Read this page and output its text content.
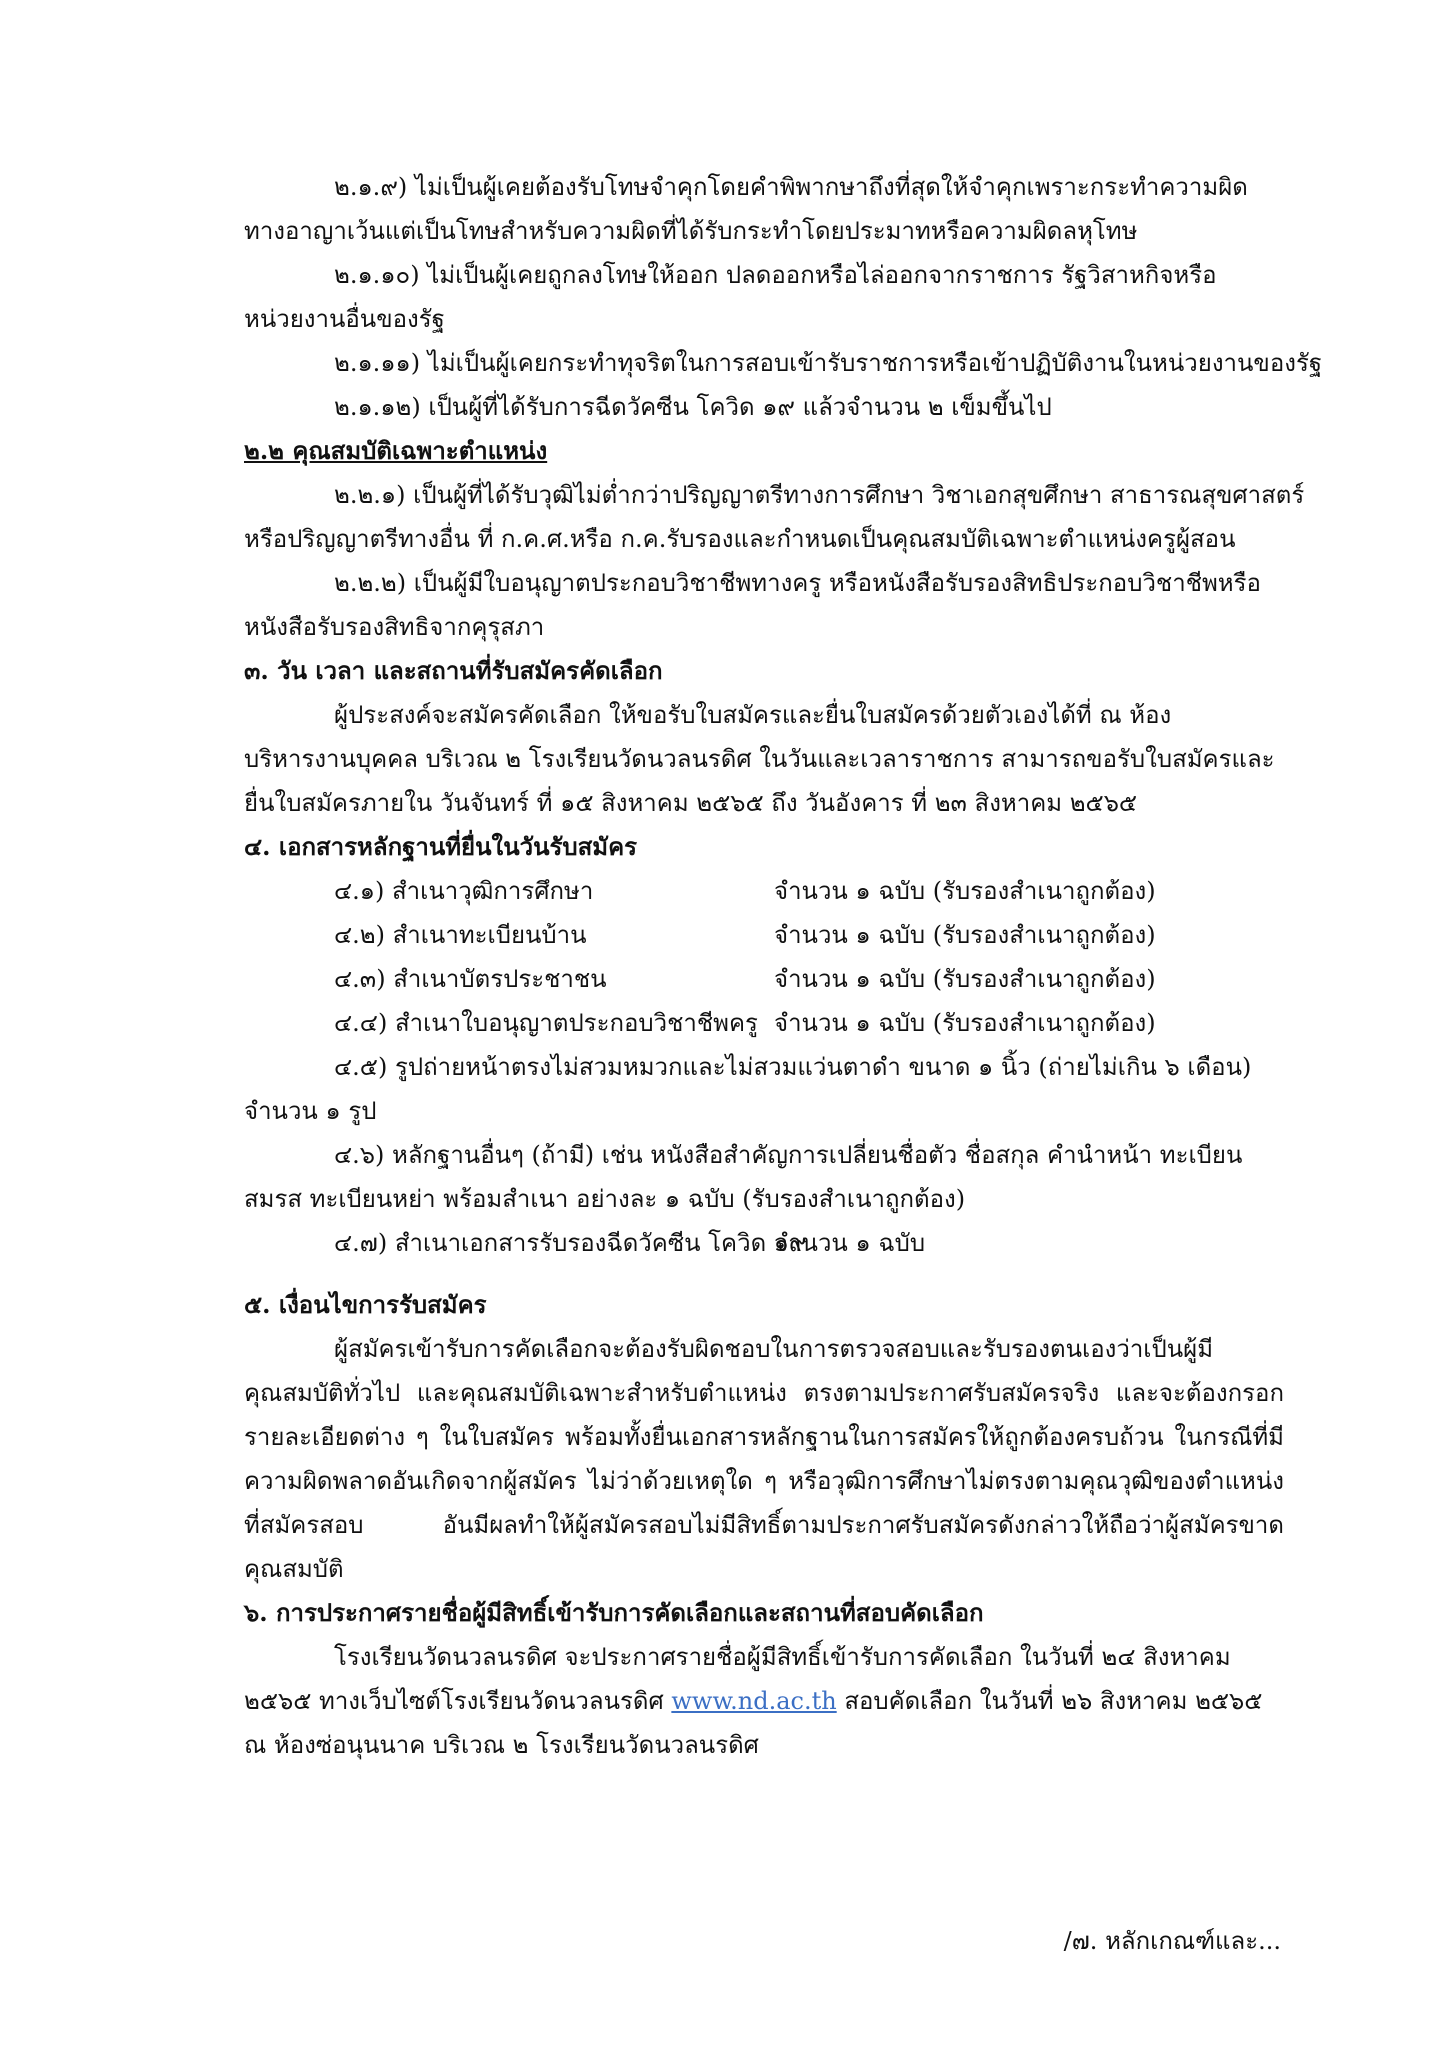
๒.๑.๙) ไม่เป็นผู้เคยต้องรับโทษจำคุกโดยคำพิพากษาถึงที่สุดให้จำคุกเพราะกระทำความผิด
ทางอาญาเว้นแต่เป็นโทษสำหรับความผิดที่ได้รับกระทำโดยประมาทหรือความผิดลหุโทษ
๒.๑.๑๐) ไม่เป็นผู้เคยถูกลงโทษให้ออก ปลดออกหรือไล่ออกจากราชการ รัฐวิสาหกิจหรือ
หน่วยงานอื่นของรัฐ
๒.๑.๑๑) ไม่เป็นผู้เคยกระทำทุจริตในการสอบเข้ารับราชการหรือเข้าปฏิบัติงานในหน่วยงานของรัฐ
๒.๑.๑๒) เป็นผู้ที่ได้รับการฉีดวัคซีน โควิด ๑๙ แล้วจำนวน ๒ เข็มขึ้นไป
๒.๒ คุณสมบัติเฉพาะตำแหน่ง
๒.๒.๑) เป็นผู้ที่ได้รับวุฒิไม่ต่ำกว่าปริญญาตรีทางการศึกษา วิชาเอกสุขศึกษา สาธารณสุขศาสตร์
หรือปริญญาตรีทางอื่น ที่ ก.ค.ศ.หรือ ก.ค.รับรองและกำหนดเป็นคุณสมบัติเฉพาะตำแหน่งครูผู้สอน
๒.๒.๒) เป็นผู้มีใบอนุญาตประกอบวิชาชีพทางครู หรือหนังสือรับรองสิทธิประกอบวิชาชีพหรือ
หนังสือรับรองสิทธิจากคุรุสภา
๓. วัน เวลา และสถานที่รับสมัครคัดเลือก
ผู้ประสงค์จะสมัครคัดเลือก ให้ขอรับใบสมัครและยื่นใบสมัครด้วยตัวเองได้ที่ ณ ห้อง
บริหารงานบุคคล บริเวณ ๒ โรงเรียนวัดนวลนรดิศ ในวันและเวลาราชการ สามารถขอรับใบสมัครและ
ยื่นใบสมัครภายใน วันจันทร์ ที่ ๑๕ สิงหาคม ๒๕๖๕ ถึง วันอังคาร ที่ ๒๓ สิงหาคม ๒๕๖๕
๔. เอกสารหลักฐานที่ยื่นในวันรับสมัคร
๔.๑) สำเนาวุฒิการศึกษา	จำนวน ๑ ฉบับ (รับรองสำเนาถูกต้อง)
๔.๒) สำเนาทะเบียนบ้าน	จำนวน ๑ ฉบับ (รับรองสำเนาถูกต้อง)
๔.๓) สำเนาบัตรประชาชน	จำนวน ๑ ฉบับ (รับรองสำเนาถูกต้อง)
๔.๔) สำเนาใบอนุญาตประกอบวิชาชีพครู จำนวน ๑ ฉบับ (รับรองสำเนาถูกต้อง)
๔.๕) รูปถ่ายหน้าตรงไม่สวมหมวกและไม่สวมแว่นตาดำ ขนาด ๑ นิ้ว (ถ่ายไม่เกิน ๖ เดือน)
จำนวน ๑ รูป
๔.๖) หลักฐานอื่นๆ (ถ้ามี) เช่น หนังสือสำคัญการเปลี่ยนชื่อตัว ชื่อสกุล คำนำหน้า ทะเบียน
สมรส ทะเบียนหย่า พร้อมสำเนา อย่างละ ๑ ฉบับ (รับรองสำเนาถูกต้อง)
๔.๗) สำเนาเอกสารรับรองฉีดวัคซีน โควิด ๑๙
จำนวน ๑ ฉบับ
๕. เงื่อนไขการรับสมัคร
ผู้สมัครเข้ารับการคัดเลือกจะต้องรับผิดชอบในการตรวจสอบและรับรองตนเองว่าเป็นผู้มีคุณสมบัติทั่วไป และคุณสมบัติเฉพาะสำหรับตำแหน่ง ตรงตามประกาศรับสมัครจริง และจะต้องกรอกรายละเอียดต่าง ๆ ในใบสมัคร พร้อมทั้งยื่นเอกสารหลักฐานในการสมัครให้ถูกต้องครบถ้วน ในกรณีที่มีความผิดพลาดอันเกิดจากผู้สมัคร ไม่ว่าด้วยเหตุใด ๆ หรือวุฒิการศึกษาไม่ตรงตามคุณวุฒิของตำแหน่งที่สมัครสอบ อันมีผลทำให้ผู้สมัครสอบไม่มีสิทธิ์ตามประกาศรับสมัครดังกล่าวให้ถือว่าผู้สมัครขาดคุณสมบัติ
๖. การประกาศรายชื่อผู้มีสิทธิ์เข้ารับการคัดเลือกและสถานที่สอบคัดเลือก
โรงเรียนวัดนวลนรดิศ จะประกาศรายชื่อผู้มีสิทธิ์เข้ารับการคัดเลือก ในวันที่ ๒๔ สิงหาคม
๒๕๖๕ ทางเว็บไซต์โรงเรียนวัดนวลนรดิศ www.nd.ac.th สอบคัดเลือก ในวันที่ ๒๖ สิงหาคม ๒๕๖๕
ณ ห้องซ่อนุนนาค บริเวณ ๒ โรงเรียนวัดนวลนรดิศ
/๗. หลักเกณฑ์และ...
